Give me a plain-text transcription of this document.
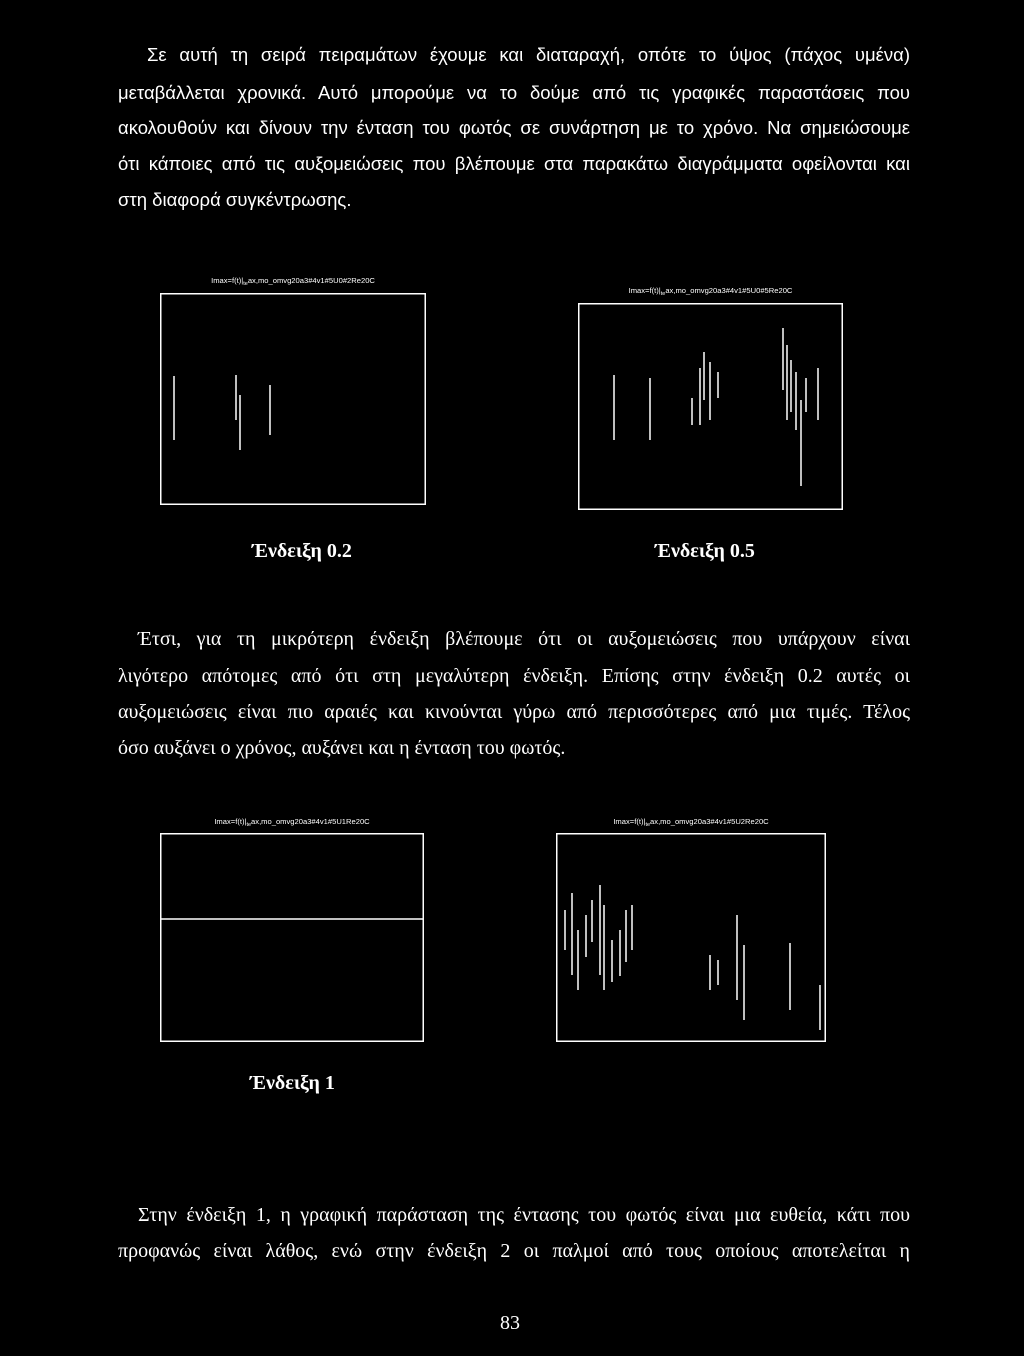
Σε αυτή τη σειρά πειραμάτων έχουμε και διαταραχή, οπότε το ύψος (πάχος υμένα)
μεταβάλλεται χρονικά. Αυτό μπορούμε να το δούμε από τις γραφικές παραστάσεις που
ακολουθούν και δίνουν την ένταση του φωτός σε συνάρτηση με το χρόνο. Να σημειώσουμε
ότι κάποιες από τις αυξομειώσεις που βλέπουμε στα παρακάτω διαγράμματα οφείλονται και
στη διαφορά συγκέντρωσης.
$Imax=f(t)|_{te}ax,mo\_omvg20a3\#4v1\#5U0\#2Re20C$
$Imax=f(t)|_{te}ax,mo\_omvg20a3\#4v1\#5U0\#5Re20C$
Ένδειξη 0.2	Ένδειξη 0.5
Έτσι, για τη μικρότερη ένδειξη βλέπουμε ότι οι αυξομειώσεις που υπάρχουν είναι
λιγότερο απότομες από ότι στη μεγαλύτερη ένδειξη. Επίσης στην ένδειξη 0.2 αυτές οι
αυξομειώσεις είναι πιο αραιές και κινούνται γύρω από περισσότερες από μια τιμές. Τέλος
όσο αυξάνει ο χρόνος, αυξάνει και η ένταση του φωτός.
$Imax=f(t)|_{te}ax,mo\_omvg20a3\#4v1\#5U1Re20C$	$Imax=f(t)|_{te}ax,mo\_omvg20a3\#4v1\#5U2Re20C$
Ένδειξη 1
Στην ένδειξη 1, η γραφική παράσταση της έντασης του φωτός είναι μια ευθεία, κάτι που
προφανώς είναι λάθος, ενώ στην ένδειξη 2 οι παλμοί από τους οποίους αποτελείται η
83
